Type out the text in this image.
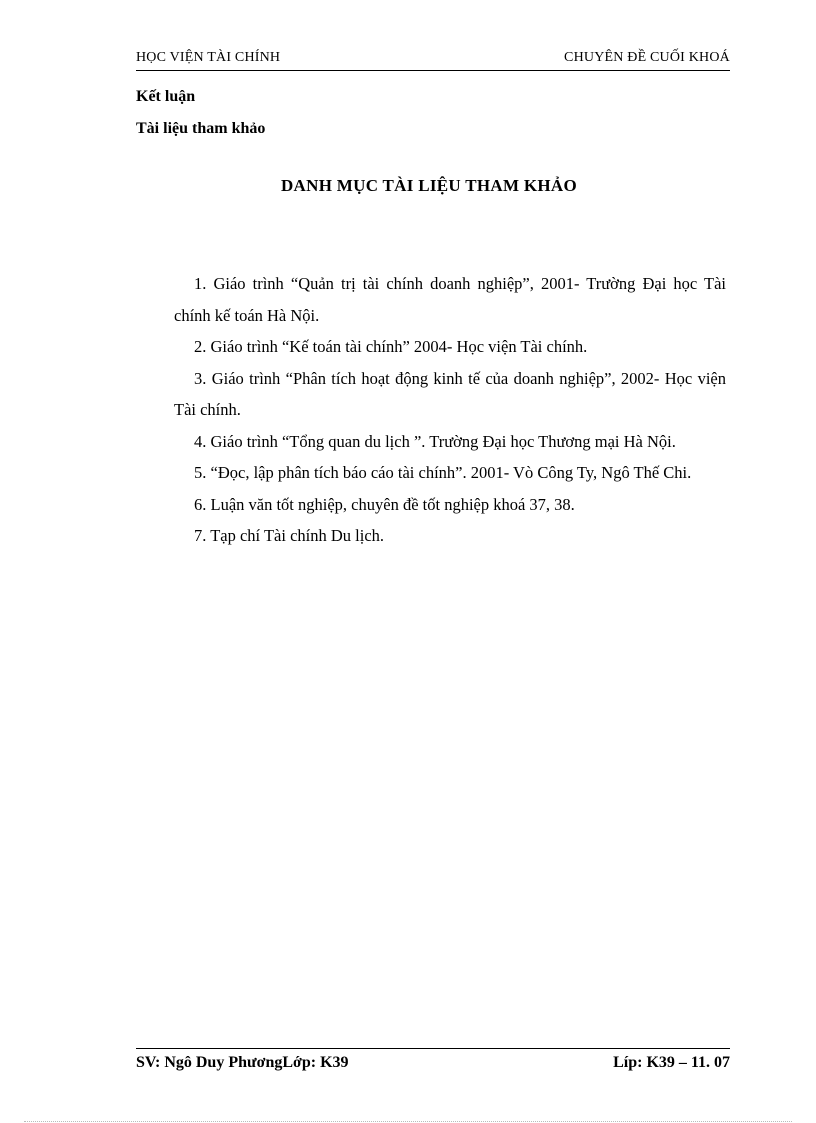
HỌC VIỆN TÀI CHÍNH	CHUYÊN ĐỀ CUỐI KHOÁ
Kết luận
Tài liệu tham khảo
DANH MỤC TÀI LIỆU THAM KHẢO

1. Giáo trình “Quản trị tài chính doanh nghiệp”, 2001- Trường Đại học Tài chính kế toán Hà Nội.

2. Giáo trình “Kế toán tài chính” 2004- Học viện Tài chính.

3. Giáo trình “Phân tích hoạt động kinh tế của doanh nghiệp”, 2002- Học viện Tài chính.

4. Giáo trình “Tổng quan du lịch ”. Trường Đại học Thương mại Hà Nội.

5. “Đọc, lập phân tích báo cáo tài chính”. 2001- Vò Công Ty, Ngô Thế Chi.

6. Luận văn tốt nghiệp, chuyên đề tốt nghiệp khoá 37, 38.

7. Tạp chí Tài chính Du lịch.

SV: Ngô Duy PhươngLớp: K39	Líp: K39 – 11. 07
